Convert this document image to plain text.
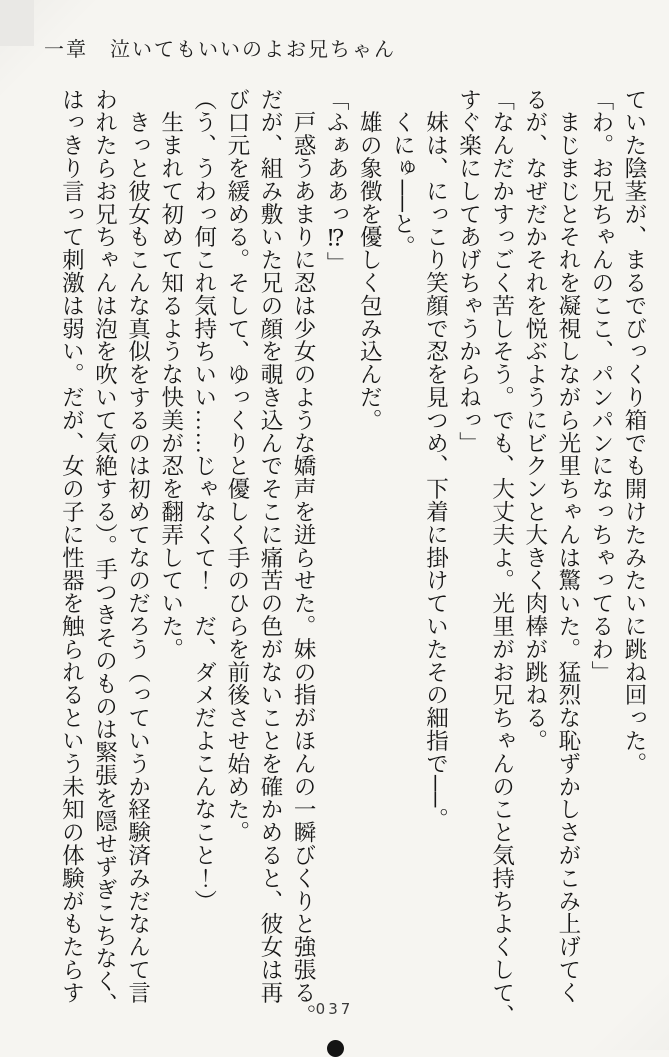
一章　泣いてもいいのよお兄ちゃん

ていた陰茎が、まるでびっくり箱でも開けたみたいに跳ね回った。

「わ。お兄ちゃんのここ、パンパンになっちゃってるわ」

　まじまじとそれを凝視しながら光里ちゃんは驚いた。猛烈な恥ずかしさがこみ上げてく

るが、なぜだかそれを悦ぶようにビクンと大きく肉棒が跳ねる。

「なんだかすっごく苦しそう。でも、大丈夫よ。光里がお兄ちゃんのこと気持ちよくして、

すぐ楽にしてあげちゃうからねっ」

　妹は、にっこり笑顔で忍を見つめ、下着に掛けていたその細指で──。

　くにゅ──と。

　雄の象徴を優しく包み込んだ。

「ふぁああっ⁉」

　戸惑うあまりに忍は少女のような嬌声を迸らせた。妹の指がほんの一瞬びくりと強張る。

だが、組み敷いた兄の顔を覗き込んでそこに痛苦の色がないことを確かめると、彼女は再

び口元を緩める。そして、ゆっくりと優しく手のひらを前後させ始めた。

（う、うわっ何これ気持ちいい……じゃなくて！　だ、ダメだよこんなこと！）

　生まれて初めて知るような快美が忍を翻弄していた。

　きっと彼女もこんな真似をするのは初めてなのだろう（っていうか経験済みだなんて言

われたらお兄ちゃんは泡を吹いて気絶する）。手つきそのものは緊張を隠せずぎこちなく、

はっきり言って刺激は弱い。だが、女の子に性器を触られるという未知の体験がもたらす

037
